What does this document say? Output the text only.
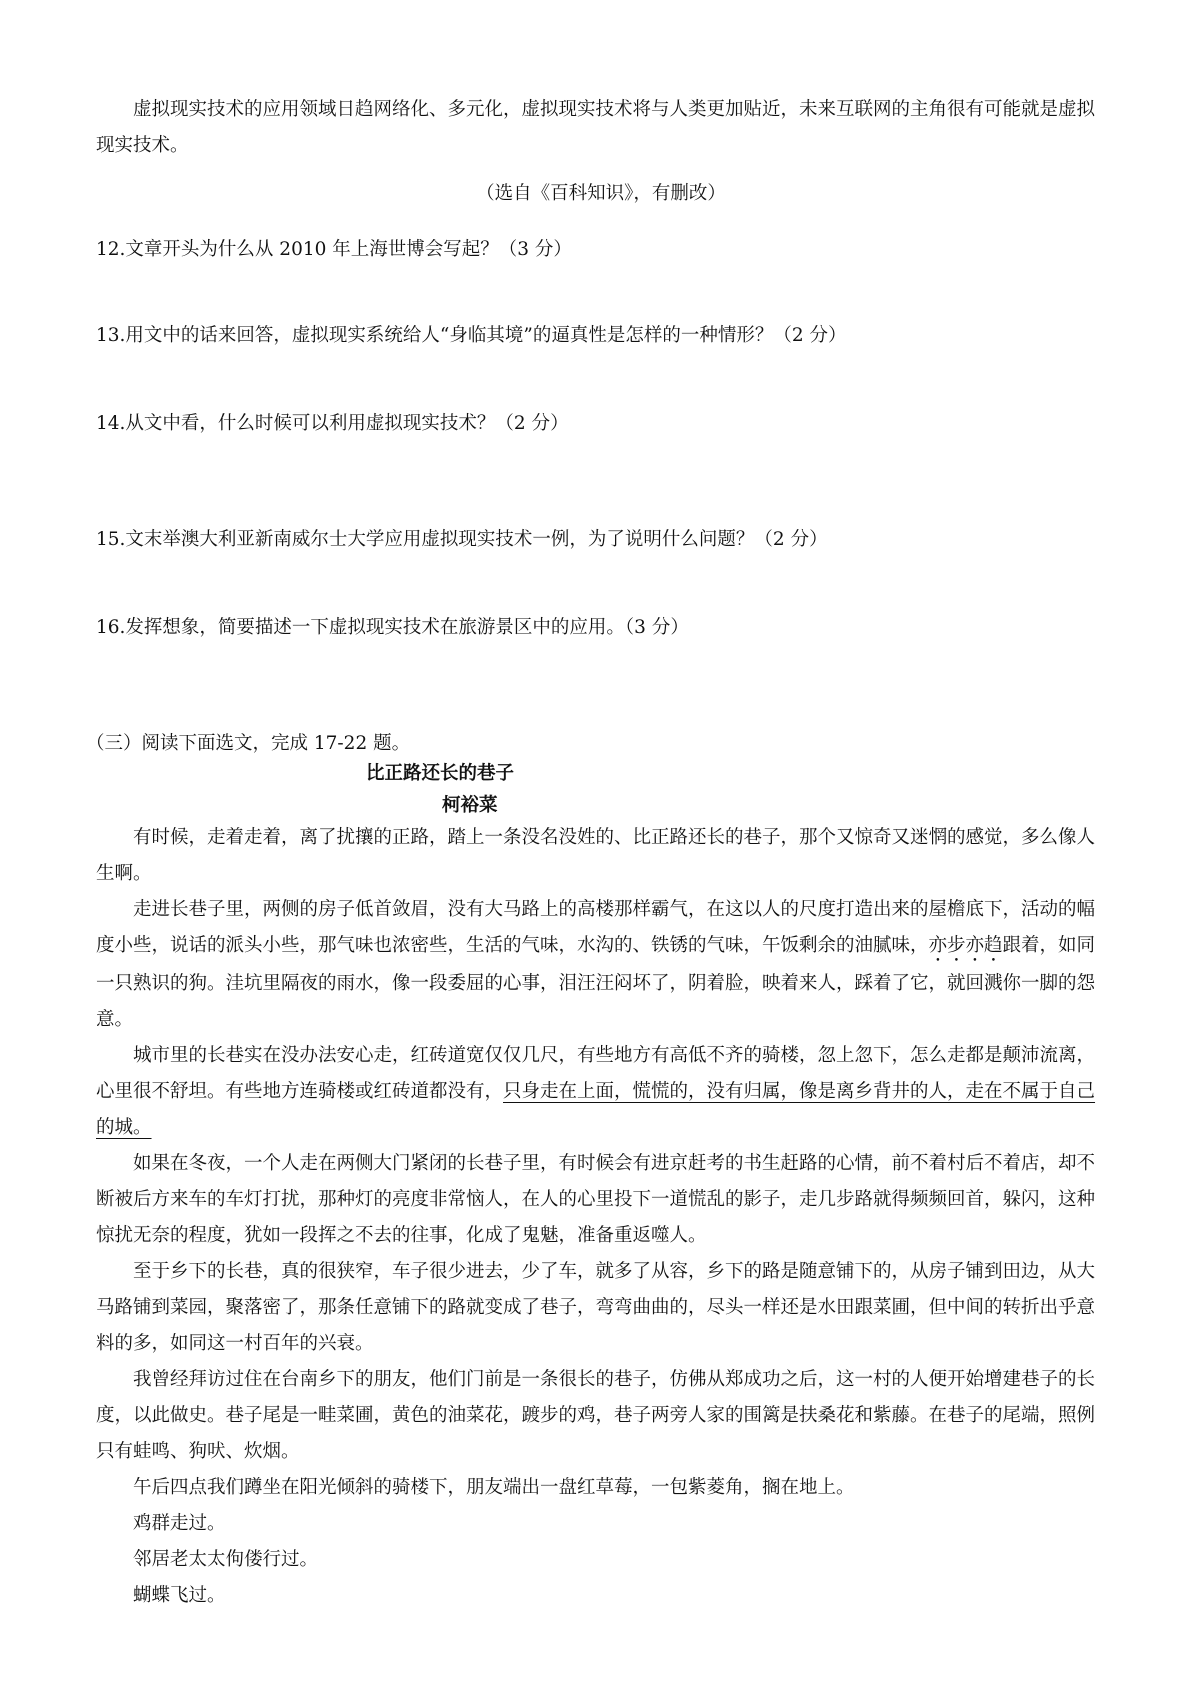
虚拟现实技术的应用领域日趋网络化、多元化，虚拟现实技术将与人类更加贴近，未来互联网的主角很有可能就是虚拟现实技术。

（选自《百科知识》，有删改）

12.文章开头为什么从 2010 年上海世博会写起？（3 分）

13.用文中的话来回答，虚拟现实系统给人“身临其境”的逼真性是怎样的一种情形？（2 分）

14.从文中看，什么时候可以利用虚拟现实技术？（2 分）

15.文末举澳大利亚新南威尔士大学应用虚拟现实技术一例，为了说明什么问题？（2 分）

16.发挥想象，简要描述一下虚拟现实技术在旅游景区中的应用。（3 分）

（三）阅读下面选文，完成 17-22 题。

比正路还长的巷子

柯裕菜

有时候，走着走着，离了扰攘的正路，踏上一条没名没姓的、比正路还长的巷子，那个又惊奇又迷惘的感觉，多么像人生啊。

走进长巷子里，两侧的房子低首敛眉，没有大马路上的高楼那样霸气，在这以人的尺度打造出来的屋檐底下，活动的幅度小些，说话的派头小些，那气味也浓密些，生活的气味，水沟的、铁锈的气味，午饭剩余的油腻味，亦步亦趋跟着，如同一只熟识的狗。洼坑里隔夜的雨水，像一段委屈的心事，泪汪汪闷坏了，阴着脸，映着来人，踩着了它，就回溅你一脚的怨意。

城市里的长巷实在没办法安心走，红砖道宽仅仅几尺，有些地方有高低不齐的骑楼，忽上忽下，怎么走都是颠沛流离，心里很不舒坦。有些地方连骑楼或红砖道都没有，只身走在上面，慌慌的，没有归属，像是离乡背井的人，走在不属于自己的城。

如果在冬夜，一个人走在两侧大门紧闭的长巷子里，有时候会有进京赶考的书生赶路的心情，前不着村后不着店，却不断被后方来车的车灯打扰，那种灯的亮度非常恼人，在人的心里投下一道慌乱的影子，走几步路就得频频回首，躲闪，这种惊扰无奈的程度，犹如一段挥之不去的往事，化成了鬼魅，准备重返噬人。

至于乡下的长巷，真的很狭窄，车子很少进去，少了车，就多了从容，乡下的路是随意铺下的，从房子铺到田边，从大马路铺到菜园，聚落密了，那条任意铺下的路就变成了巷子，弯弯曲曲的，尽头一样还是水田跟菜圃，但中间的转折出乎意料的多，如同这一村百年的兴衰。

我曾经拜访过住在台南乡下的朋友，他们门前是一条很长的巷子，仿佛从郑成功之后，这一村的人便开始增建巷子的长度，以此做史。巷子尾是一畦菜圃，黄色的油菜花，踱步的鸡，巷子两旁人家的围篱是扶桑花和紫藤。在巷子的尾端，照例只有蛙鸣、狗吠、炊烟。

午后四点我们蹲坐在阳光倾斜的骑楼下，朋友端出一盘红草莓，一包紫菱角，搁在地上。

鸡群走过。

邻居老太太佝偻行过。

蝴蝶飞过。
